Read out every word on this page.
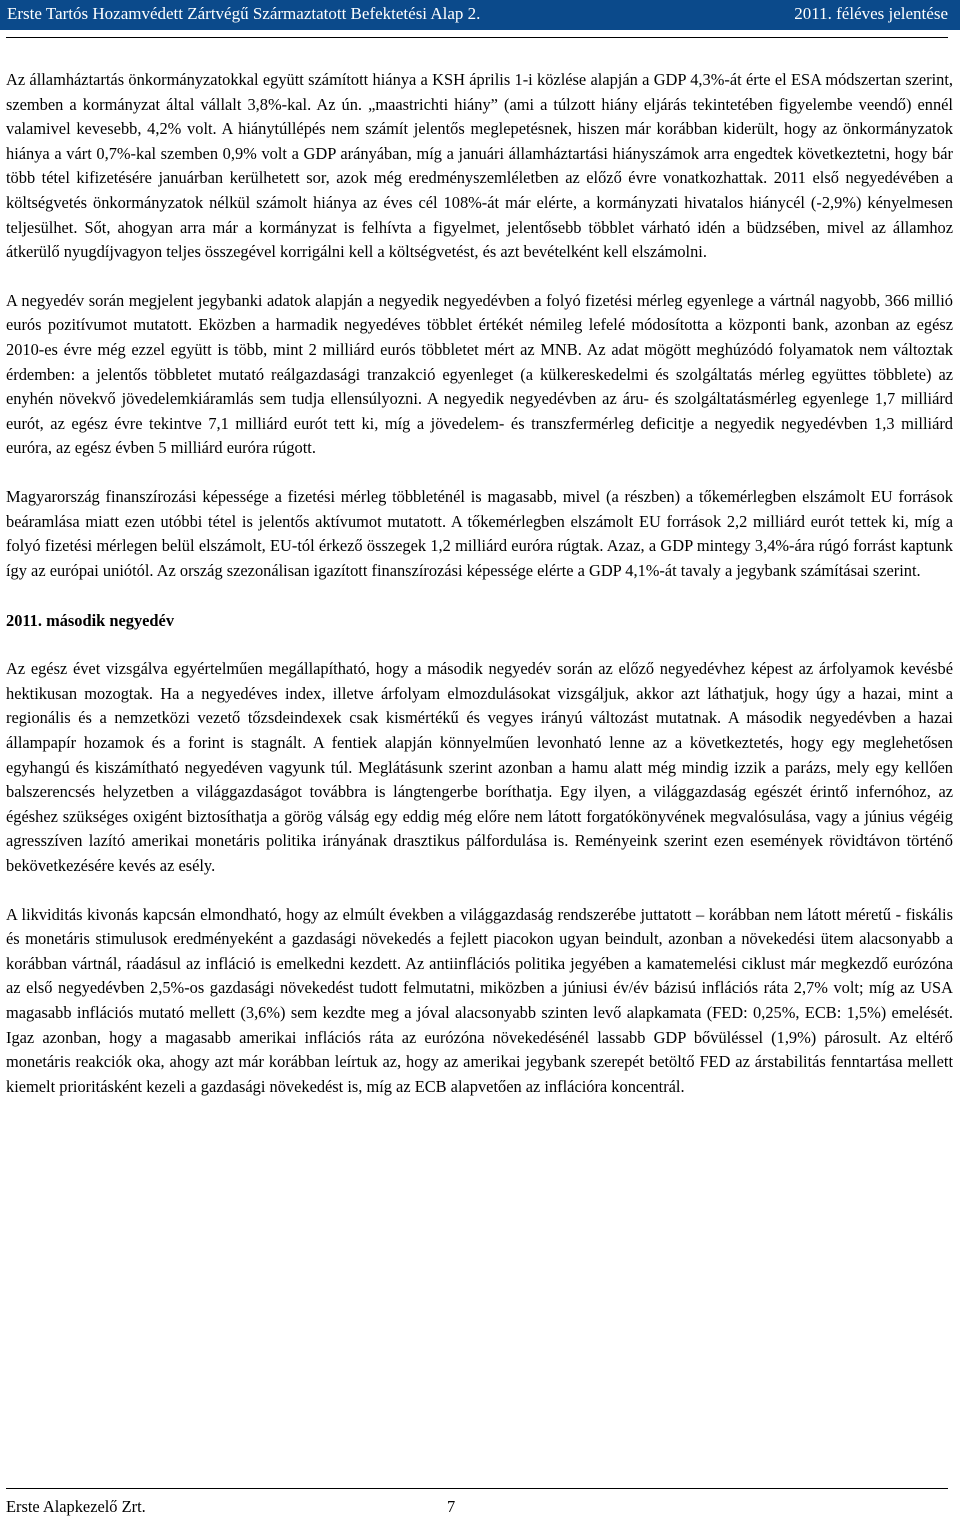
Erste Tartós Hozamvédett Zártvégű Származtatott Befektetési Alap 2.	2011. féléves jelentése

Az államháztartás önkormányzatokkal együtt számított hiánya a KSH április 1-i közlése alapján a GDP 4,3%-át érte el ESA módszertan szerint, szemben a kormányzat által vállalt 3,8%-kal. Az ún. „maastrichti hiány” (ami a túlzott hiány eljárás tekintetében figyelembe veendő) ennél valamivel kevesebb, 4,2% volt. A hiánytúllépés nem számít jelentős meglepetésnek, hiszen már korábban kiderült, hogy az önkormányzatok hiánya a várt 0,7%-kal szemben 0,9% volt a GDP arányában, míg a januári államháztartási hiányszámok arra engedtek következtetni, hogy bár több tétel kifizetésére januárban kerülhetett sor, azok még eredményszemléletben az előző évre vonatkozhattak. 2011 első negyedévében a költségvetés önkormányzatok nélkül számolt hiánya az éves cél 108%-át már elérte, a kormányzati hivatalos hiánycél (-2,9%) kényelmesen teljesülhet. Sőt, ahogyan arra már a kormányzat is felhívta a figyelmet, jelentősebb többlet várható idén a büdzsében, mivel az államhoz átkerülő nyugdíjvagyon teljes összegével korrigálni kell a költségvetést, és azt bevételként kell elszámolni.

A negyedév során megjelent jegybanki adatok alapján a negyedik negyedévben a folyó fizetési mérleg egyenlege a vártnál nagyobb, 366 millió eurós pozitívumot mutatott. Eközben a harmadik negyedéves többlet értékét némileg lefelé módosította a központi bank, azonban az egész 2010-es évre még ezzel együtt is több, mint 2 milliárd eurós többletet mért az MNB. Az adat mögött meghúzódó folyamatok nem változtak érdemben: a jelentős többletet mutató reálgazdasági tranzakció egyenleget (a külkereskedelmi és szolgáltatás mérleg együttes többlete) az enyhén növekvő jövedelemkiáramlás sem tudja ellensúlyozni. A negyedik negyedévben az áru- és szolgáltatásmérleg egyenlege 1,7 milliárd eurót, az egész évre tekintve 7,1 milliárd eurót tett ki, míg a jövedelem- és transzfermérleg deficitje a negyedik negyedévben 1,3 milliárd euróra, az egész évben 5 milliárd euróra rúgott.

Magyarország finanszírozási képessége a fizetési mérleg többleténél is magasabb, mivel (a részben) a tőkemérlegben elszámolt EU források beáramlása miatt ezen utóbbi tétel is jelentős aktívumot mutatott. A tőkemérlegben elszámolt EU források 2,2 milliárd eurót tettek ki, míg a folyó fizetési mérlegen belül elszámolt, EU-tól érkező összegek 1,2 milliárd euróra rúgtak. Azaz, a GDP mintegy 3,4%-ára rúgó forrást kaptunk így az európai uniótól. Az ország szezonálisan igazított finanszírozási képessége elérte a GDP 4,1%-át tavaly a jegybank számításai szerint.

2011. második negyedév

Az egész évet vizsgálva egyértelműen megállapítható, hogy a második negyedév során az előző negyedévhez képest az árfolyamok kevésbé hektikusan mozogtak. Ha a negyedéves index, illetve árfolyam elmozdulásokat vizsgáljuk, akkor azt láthatjuk, hogy úgy a hazai, mint a regionális és a nemzetközi vezető tőzsdeindexek csak kismértékű és vegyes irányú változást mutatnak. A második negyedévben a hazai állampapír hozamok és a forint is stagnált. A fentiek alapján könnyelműen levonható lenne az a következtetés, hogy egy meglehetősen egyhangú és kiszámítható negyedéven vagyunk túl. Meglátásunk szerint azonban a hamu alatt még mindig izzik a parázs, mely egy kellően balszerencsés helyzetben a világgazdaságot továbbra is lángtengerbe boríthatja. Egy ilyen, a világgazdaság egészét érintő infernóhoz, az égéshez szükséges oxigént biztosíthatja a görög válság egy eddig még előre nem látott forgatókönyvének megvalósulása, vagy a június végéig agresszíven lazító amerikai monetáris politika irányának drasztikus pálfordulása is. Reményeink szerint ezen események rövidtávon történő bekövetkezésére kevés az esély.

A likviditás kivonás kapcsán elmondható, hogy az elmúlt években a világgazdaság rendszerébe juttatott – korábban nem látott méretű - fiskális és monetáris stimulusok eredményeként a gazdasági növekedés a fejlett piacokon ugyan beindult, azonban a növekedési ütem alacsonyabb a korábban vártnál, ráadásul az infláció is emelkedni kezdett. Az antiinflációs politika jegyében a kamatemelési ciklust már megkezdő eurózóna az első negyedévben 2,5%-os gazdasági növekedést tudott felmutatni, miközben a júniusi év/év bázisú inflációs ráta 2,7% volt; míg az USA magasabb inflációs mutató mellett (3,6%) sem kezdte meg a jóval alacsonyabb szinten levő alapkamata (FED: 0,25%, ECB: 1,5%) emelését. Igaz azonban, hogy a magasabb amerikai inflációs ráta az eurózóna növekedésénél lassabb GDP bővüléssel (1,9%) párosult. Az eltérő monetáris reakciók oka, ahogy azt már korábban leírtuk az, hogy az amerikai jegybank szerepét betöltő FED az árstabilitás fenntartása mellett kiemelt prioritásként kezeli a gazdasági növekedést is, míg az ECB alapvetően az inflációra koncentrál.

Erste Alapkezelő Zrt.	7
